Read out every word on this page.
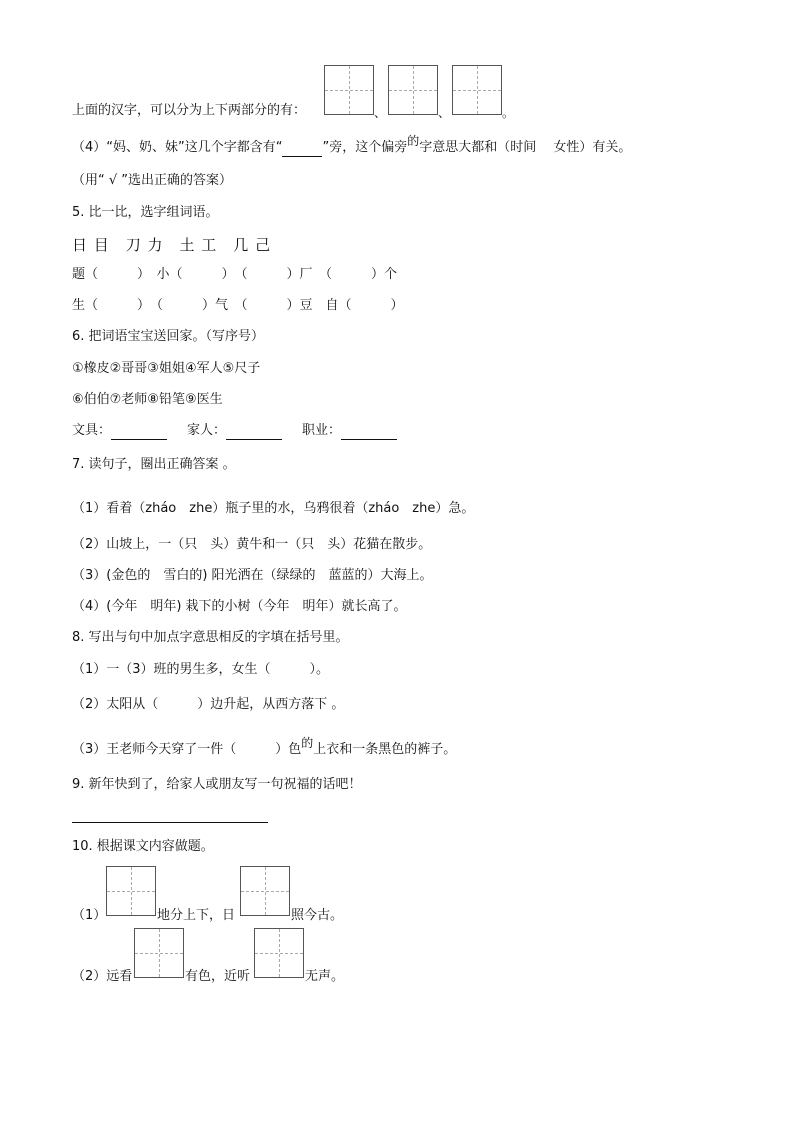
上面的汉字，可以分为上下两部分的有：	、	、	。
（4）“妈、奶、妹”这几个字都含有“	”旁，这个偏旁的字意思大都和（时间　 女性）有关。
（用“ √ ”选出正确的答案）
5. 比一比，选字组词语。
日 目　刀 力　土 工　几 己
题（　　　）　小（　　　）　（　　　）厂　（　　　）个
生（　　　）　（　　　）气　（　　　）豆　自（　　　）
6. 把词语宝宝送回家。（写序号）
①橡皮②哥哥③姐姐④军人⑤尺子
⑥伯伯⑦老师⑧铅笔⑨医生
文具：	家人：	职业：
7. 读句子，圈出正确答案 。
（1）看着（zháo　zhe）瓶子里的水，乌鸦很着（zháo　zhe）急。
（2）山坡上，一（只　头）黄牛和一（只　头）花猫在散步。
（3）(金色的　雪白的) 阳光洒在（绿绿的　蓝蓝的）大海上。
（4）(今年　明年) 栽下的小树（今年　明年）就长高了。
8. 写出与句中加点字意思相反的字填在括号里。
（1）一（3）班的男生多，女生（　　　）。
（2）太阳从（　　　）边升起，从西方落下 。
（3）王老师今天穿了一件（　　　）色的上衣和一条黑色的裤子。
9. 新年快到了，给家人或朋友写一句祝福的话吧！
10. 根据课文内容做题。
（1）	地分上下，日	照今古。
（2）远看	有色，近听	无声。
